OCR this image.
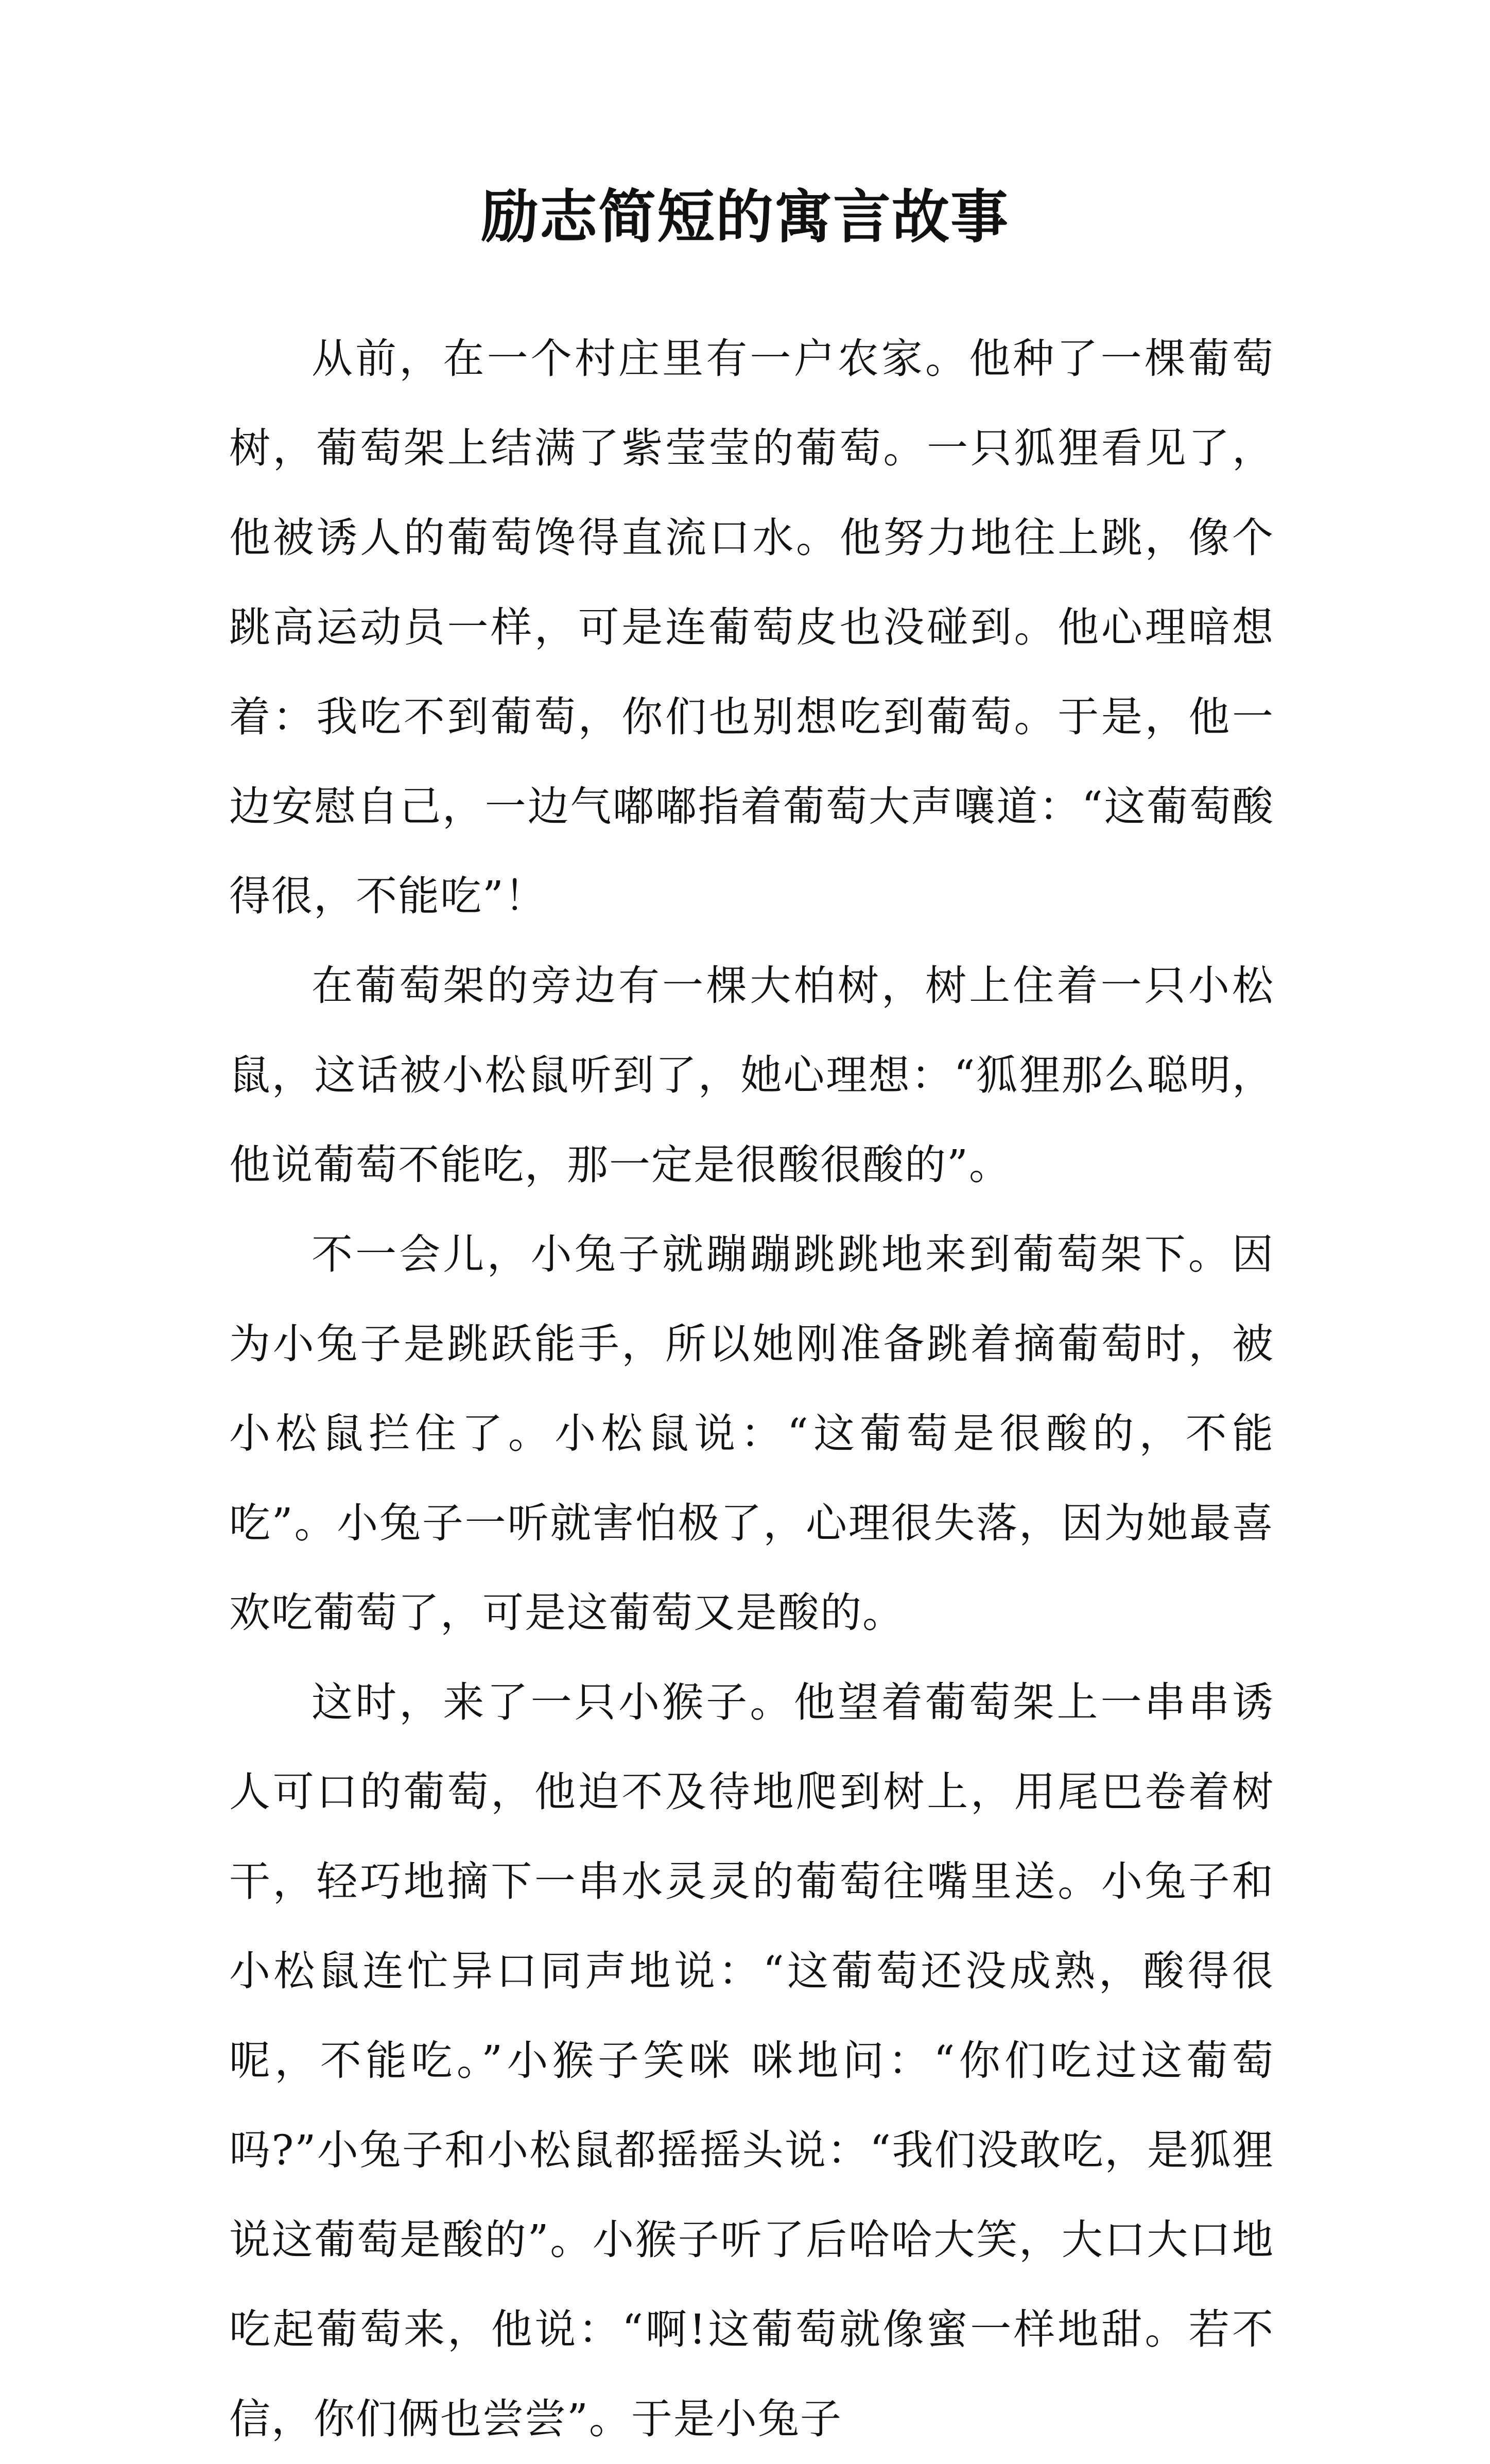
励志简短的寓言故事

从前，在一个村庄里有一户农家。他种了一棵葡萄树，葡萄架上结满了紫莹莹的葡萄。一只狐狸看见了，他被诱人的葡萄馋得直流口水。他努力地往上跳，像个跳高运动员一样，可是连葡萄皮也没碰到。他心理暗想着：我吃不到葡萄，你们也别想吃到葡萄。于是，他一边安慰自己，一边气嘟嘟指着葡萄大声嚷道：“这葡萄酸得很，不能吃”！

在葡萄架的旁边有一棵大柏树，树上住着一只小松鼠，这话被小松鼠听到了，她心理想：“狐狸那么聪明，他说葡萄不能吃，那一定是很酸很酸的”。

不一会儿，小兔子就蹦蹦跳跳地来到葡萄架下。因为小兔子是跳跃能手，所以她刚准备跳着摘葡萄时，被小松鼠拦住了。小松鼠说：“这葡萄是很酸的，不能吃”。小兔子一听就害怕极了，心理很失落，因为她最喜欢吃葡萄了，可是这葡萄又是酸的。

这时，来了一只小猴子。他望着葡萄架上一串串诱人可口的葡萄，他迫不及待地爬到树上，用尾巴卷着树干，轻巧地摘下一串水灵灵的葡萄往嘴里送。小兔子和小松鼠连忙异口同声地说：“这葡萄还没成熟，酸得很呢，不能吃。”小猴子笑咪 咪地问：“你们吃过这葡萄吗?”小兔子和小松鼠都摇摇头说：“我们没敢吃，是狐狸说这葡萄是酸的”。小猴子听了后哈哈大笑，大口大口地吃起葡萄来，他说：“啊!这葡萄就像蜜一样地甜。若不信，你们俩也尝尝”。于是小兔子
